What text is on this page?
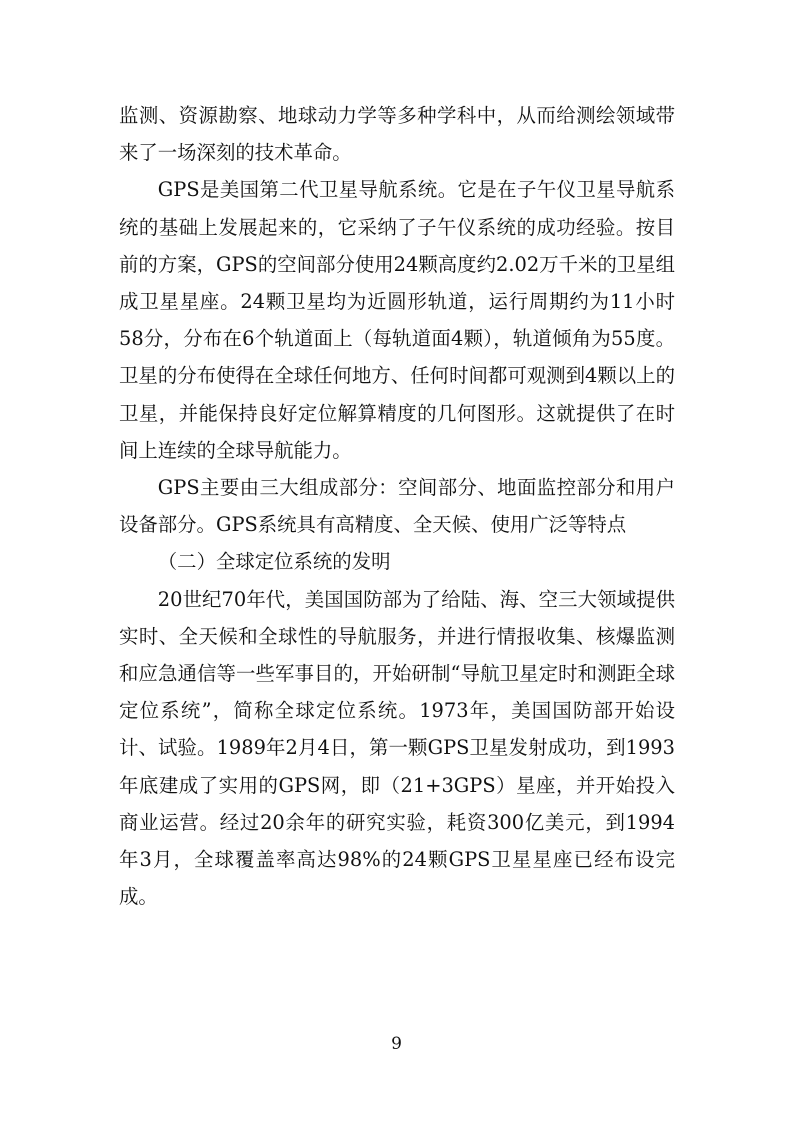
监测、资源勘察、地球动力学等多种学科中，从而给测绘领域带来了一场深刻的技术革命。

GPS是美国第二代卫星导航系统。它是在子午仪卫星导航系统的基础上发展起来的，它采纳了子午仪系统的成功经验。按目前的方案，GPS的空间部分使用24颗高度约2.02万千米的卫星组成卫星星座。24颗卫星均为近圆形轨道，运行周期约为11小时58分，分布在6个轨道面上（每轨道面4颗），轨道倾角为55度。卫星的分布使得在全球任何地方、任何时间都可观测到4颗以上的卫星，并能保持良好定位解算精度的几何图形。这就提供了在时间上连续的全球导航能力。

GPS主要由三大组成部分：空间部分、地面监控部分和用户设备部分。GPS系统具有高精度、全天候、使用广泛等特点

（二）全球定位系统的发明

20世纪70年代，美国国防部为了给陆、海、空三大领域提供实时、全天候和全球性的导航服务，并进行情报收集、核爆监测和应急通信等一些军事目的，开始研制“导航卫星定时和测距全球定位系统”，简称全球定位系统。1973年，美国国防部开始设计、试验。1989年2月4日，第一颗GPS卫星发射成功，到1993年底建成了实用的GPS网，即（21+3GPS）星座，并开始投入商业运营。经过20余年的研究实验，耗资300亿美元，到1994年3月，全球覆盖率高达98%的24颗GPS卫星星座已经布设完成。

9
